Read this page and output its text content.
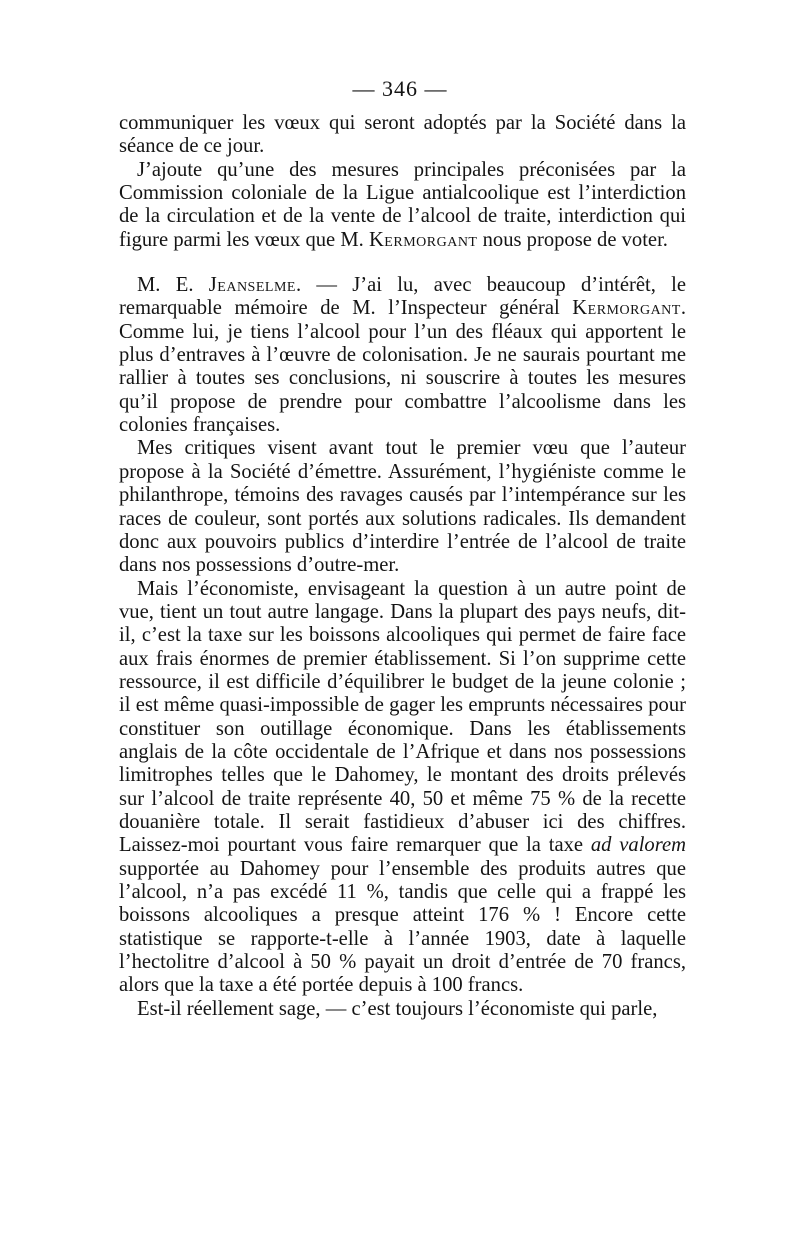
— 346 —

communiquer les vœux qui seront adoptés par la Société dans la séance de ce jour.

J’ajoute qu’une des mesures principales préconisées par la Commission coloniale de la Ligue antialcoolique est l’interdiction de la circulation et de la vente de l’alcool de traite, interdiction qui figure parmi les vœux que M. Kermorgant nous propose de voter.

M. E. Jeanselme. — J’ai lu, avec beaucoup d’intérêt, le remarquable mémoire de M. l’Inspecteur général Kermorgant. Comme lui, je tiens l’alcool pour l’un des fléaux qui apportent le plus d’entraves à l’œuvre de colonisation. Je ne saurais pourtant me rallier à toutes ses conclusions, ni souscrire à toutes les mesures qu’il propose de prendre pour combattre l’alcoolisme dans les colonies françaises.

Mes critiques visent avant tout le premier vœu que l’auteur propose à la Société d’émettre. Assurément, l’hygiéniste comme le philanthrope, témoins des ravages causés par l’intempérance sur les races de couleur, sont portés aux solutions radicales. Ils demandent donc aux pouvoirs publics d’interdire l’entrée de l’alcool de traite dans nos possessions d’outre-mer.

Mais l’économiste, envisageant la question à un autre point de vue, tient un tout autre langage. Dans la plupart des pays neufs, dit-il, c’est la taxe sur les boissons alcooliques qui permet de faire face aux frais énormes de premier établissement. Si l’on supprime cette ressource, il est difficile d’équilibrer le budget de la jeune colonie ; il est même quasi-impossible de gager les emprunts nécessaires pour constituer son outillage économique. Dans les établissements anglais de la côte occidentale de l’Afrique et dans nos possessions limitrophes telles que le Dahomey, le montant des droits prélevés sur l’alcool de traite représente 40, 50 et même 75 % de la recette douanière totale. Il serait fastidieux d’abuser ici des chiffres. Laissez-moi pourtant vous faire remarquer que la taxe ad valorem supportée au Dahomey pour l’ensemble des produits autres que l’alcool, n’a pas excédé 11 %, tandis que celle qui a frappé les boissons alcooliques a presque atteint 176 % ! Encore cette statistique se rapporte-t-elle à l’année 1903, date à laquelle l’hectolitre d’alcool à 50 % payait un droit d’entrée de 70 francs, alors que la taxe a été portée depuis à 100 francs.

Est-il réellement sage, — c’est toujours l’économiste qui parle,
